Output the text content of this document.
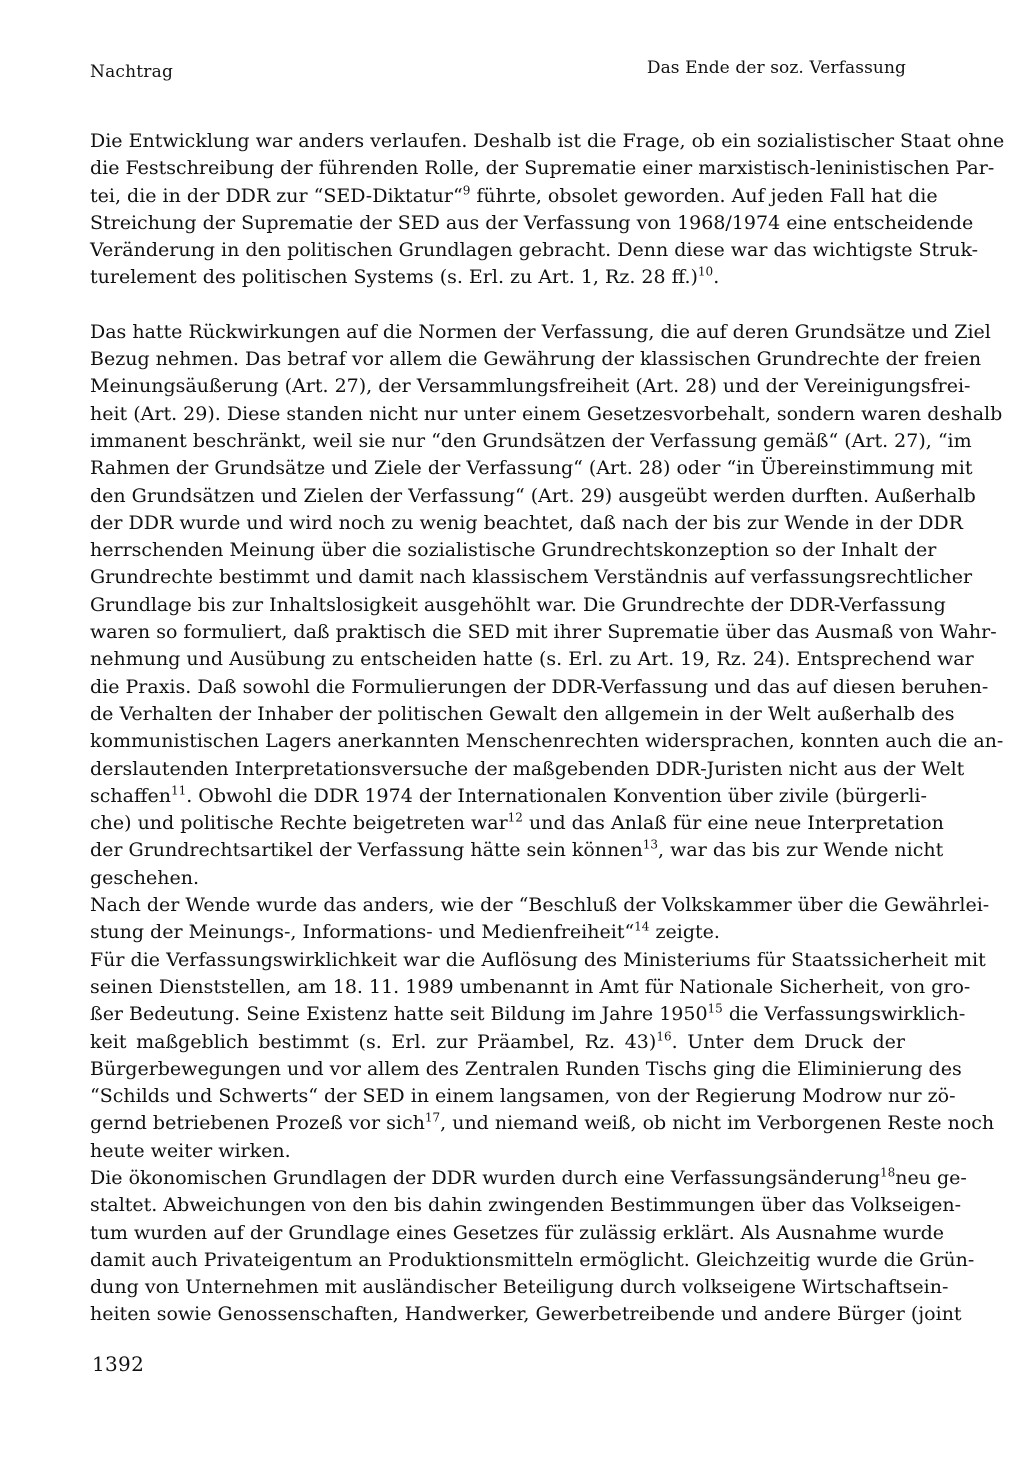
Nachtrag	Das Ende der soz. Verfassung
Die Entwicklung war anders verlaufen. Deshalb ist die Frage, ob ein sozialistischer Staat ohne
die Festschreibung der führenden Rolle, der Suprematie einer marxistisch-leninistischen Par-
tei, die in der DDR zur “SED-Diktatur“$^9$ führte, obsolet geworden. Auf jeden Fall hat die
Streichung der Suprematie der SED aus der Verfassung von 1968/1974 eine entscheidende
Veränderung in den politischen Grundlagen gebracht. Denn diese war das wichtigste Struk-
turelement des politischen Systems (s. Erl. zu Art. 1, Rz. 28 ff.)$^{10}$.
Das hatte Rückwirkungen auf die Normen der Verfassung, die auf deren Grundsätze und Ziel
Bezug nehmen. Das betraf vor allem die Gewährung der klassischen Grundrechte der freien
Meinungsäußerung (Art. 27), der Versammlungsfreiheit (Art. 28) und der Vereinigungsfrei-
heit (Art. 29). Diese standen nicht nur unter einem Gesetzesvorbehalt, sondern waren deshalb
immanent beschränkt, weil sie nur “den Grundsätzen der Verfassung gemäß“ (Art. 27), “im
Rahmen der Grundsätze und Ziele der Verfassung“ (Art. 28) oder “in Übereinstimmung mit
den Grundsätzen und Zielen der Verfassung“ (Art. 29) ausgeübt werden durften. Außerhalb
der DDR wurde und wird noch zu wenig beachtet, daß nach der bis zur Wende in der DDR
herrschenden Meinung über die sozialistische Grundrechtskonzeption so der Inhalt der
Grundrechte bestimmt und damit nach klassischem Verständnis auf verfassungsrechtlicher
Grundlage bis zur Inhaltslosigkeit ausgehöhlt war. Die Grundrechte der DDR-Verfassung
waren so formuliert, daß praktisch die SED mit ihrer Suprematie über das Ausmaß von Wahr-
nehmung und Ausübung zu entscheiden hatte (s. Erl. zu Art. 19, Rz. 24). Entsprechend war
die Praxis. Daß sowohl die Formulierungen der DDR-Verfassung und das auf diesen beruhen-
de Verhalten der Inhaber der politischen Gewalt den allgemein in der Welt außerhalb des
kommunistischen Lagers anerkannten Menschenrechten widersprachen, konnten auch die an-
derslautenden Interpretationsversuche der maßgebenden DDR-Juristen nicht aus der Welt
schaffen$^{11}$. Obwohl die DDR 1974 der Internationalen Konvention über zivile (bürgerli-
che) und politische Rechte beigetreten war$^{12}$ und das Anlaß für eine neue Interpretation
der Grundrechtsartikel der Verfassung hätte sein können$^{13}$, war das bis zur Wende nicht
geschehen.
Nach der Wende wurde das anders, wie der “Beschluß der Volkskammer über die Gewährlei-
stung der Meinungs-, Informations- und Medienfreiheit“$^{14}$ zeigte.
Für die Verfassungswirklichkeit war die Auflösung des Ministeriums für Staatssicherheit mit
seinen Dienststellen, am 18. 11. 1989 umbenannt in Amt für Nationale Sicherheit, von gro-
ßer Bedeutung. Seine Existenz hatte seit Bildung im Jahre 1950$^{15}$ die Verfassungswirklich-
keit maßgeblich bestimmt (s. Erl. zur Präambel, Rz. 43)$^{16}$. Unter dem Druck der
Bürgerbewegungen und vor allem des Zentralen Runden Tischs ging die Eliminierung des
“Schilds und Schwerts“ der SED in einem langsamen, von der Regierung Modrow nur zö-
gernd betriebenen Prozeß vor sich$^{17}$, und niemand weiß, ob nicht im Verborgenen Reste noch
heute weiter wirken.
Die ökonomischen Grundlagen der DDR wurden durch eine Verfassungsänderung$^{18}$neu ge-
staltet. Abweichungen von den bis dahin zwingenden Bestimmungen über das Volkseigen-
tum wurden auf der Grundlage eines Gesetzes für zulässig erklärt. Als Ausnahme wurde
damit auch Privateigentum an Produktionsmitteln ermöglicht. Gleichzeitig wurde die Grün-
dung von Unternehmen mit ausländischer Beteiligung durch volkseigene Wirtschaftsein-
heiten sowie Genossenschaften, Handwerker, Gewerbetreibende und andere Bürger (joint
1392
